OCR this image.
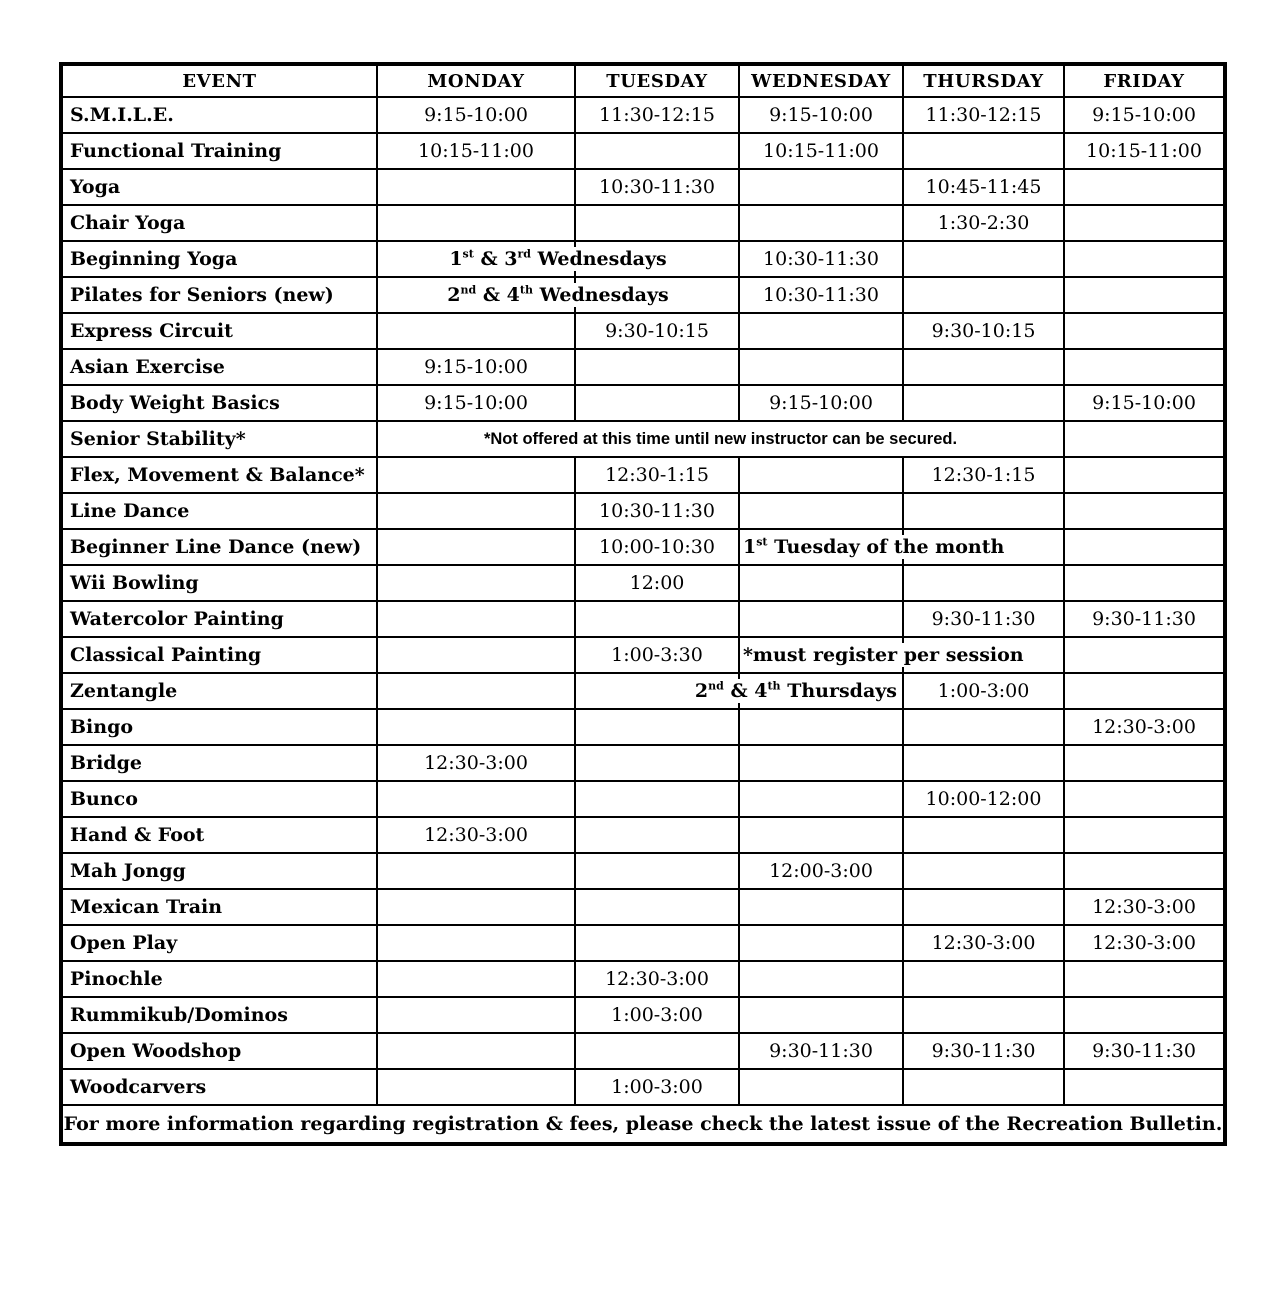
EVENT	MONDAY	TUESDAY	WEDNESDAY	THURSDAY	FRIDAY
S.M.I.L.E.	9:15-10:00	11:30-12:15	9:15-10:00	11:30-12:15	9:15-10:00
Functional Training	10:15-11:00		10:15-11:00		10:15-11:00
Yoga		10:30-11:30		10:45-11:45	
Chair Yoga				1:30-2:30	
Beginning Yoga	1st & 3rd Wednesdays		10:30-11:30		
Pilates for Seniors (new)	2nd & 4th Wednesdays		10:30-11:30		
Express Circuit		9:30-10:15		9:30-10:15	
Asian Exercise	9:15-10:00				
Body Weight Basics	9:15-10:00		9:15-10:00		9:15-10:00
Senior Stability*	*Not offered at this time until new instructor can be secured.				
Flex, Movement & Balance*		12:30-1:15		12:30-1:15	
Line Dance		10:30-11:30			
Beginner Line Dance (new)		10:00-10:30	1st Tuesday of the month		
Wii Bowling		12:00			
Watercolor Painting				9:30-11:30	9:30-11:30
Classical Painting		1:00-3:30	*must register per session		
Zentangle		2nd & 4th Thursdays		1:00-3:00	
Bingo					12:30-3:00
Bridge	12:30-3:00				
Bunco				10:00-12:00	
Hand & Foot	12:30-3:00				
Mah Jongg			12:00-3:00		
Mexican Train					12:30-3:00
Open Play				12:30-3:00	12:30-3:00
Pinochle		12:30-3:00			
Rummikub/Dominos		1:00-3:00			
Open Woodshop			9:30-11:30	9:30-11:30	9:30-11:30
Woodcarvers		1:00-3:00			
For more information regarding registration & fees, please check the latest issue of the Recreation Bulletin.					
